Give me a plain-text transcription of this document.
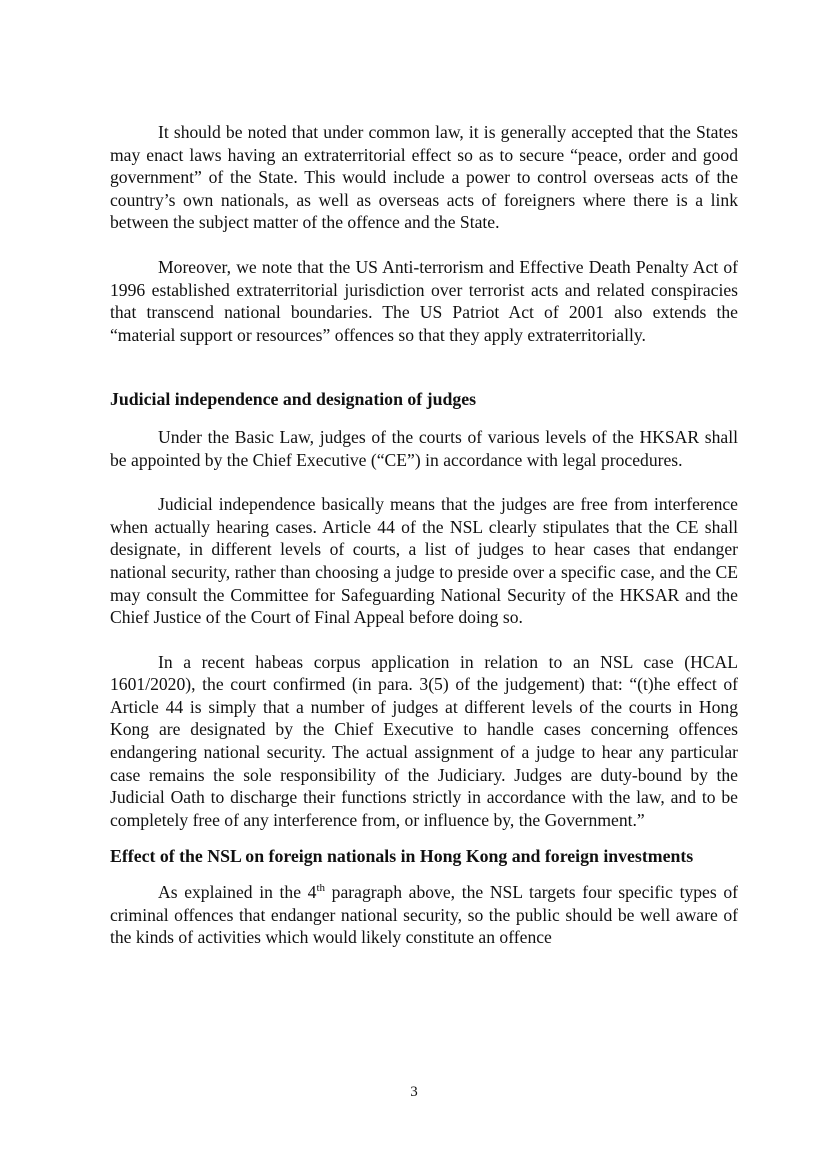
It should be noted that under common law, it is generally accepted that the States may enact laws having an extraterritorial effect so as to secure “peace, order and good government” of the State. This would include a power to control overseas acts of the country’s own nationals, as well as overseas acts of foreigners where there is a link between the subject matter of the offence and the State.

Moreover, we note that the US Anti-terrorism and Effective Death Penalty Act of 1996 established extraterritorial jurisdiction over terrorist acts and related conspiracies that transcend national boundaries. The US Patriot Act of 2001 also extends the “material support or resources” offences so that they apply extraterritorially.

Judicial independence and designation of judges

Under the Basic Law, judges of the courts of various levels of the HKSAR shall be appointed by the Chief Executive (“CE”) in accordance with legal procedures.

Judicial independence basically means that the judges are free from interference when actually hearing cases. Article 44 of the NSL clearly stipulates that the CE shall designate, in different levels of courts, a list of judges to hear cases that endanger national security, rather than choosing a judge to preside over a specific case, and the CE may consult the Committee for Safeguarding National Security of the HKSAR and the Chief Justice of the Court of Final Appeal before doing so.

In a recent habeas corpus application in relation to an NSL case (HCAL 1601/2020), the court confirmed (in para. 3(5) of the judgement) that: “(t)he effect of Article 44 is simply that a number of judges at different levels of the courts in Hong Kong are designated by the Chief Executive to handle cases concerning offences endangering national security. The actual assignment of a judge to hear any particular case remains the sole responsibility of the Judiciary. Judges are duty-bound by the Judicial Oath to discharge their functions strictly in accordance with the law, and to be completely free of any interference from, or influence by, the Government.”

Effect of the NSL on foreign nationals in Hong Kong and foreign investments

As explained in the 4th paragraph above, the NSL targets four specific types of criminal offences that endanger national security, so the public should be well aware of the kinds of activities which would likely constitute an offence

3
